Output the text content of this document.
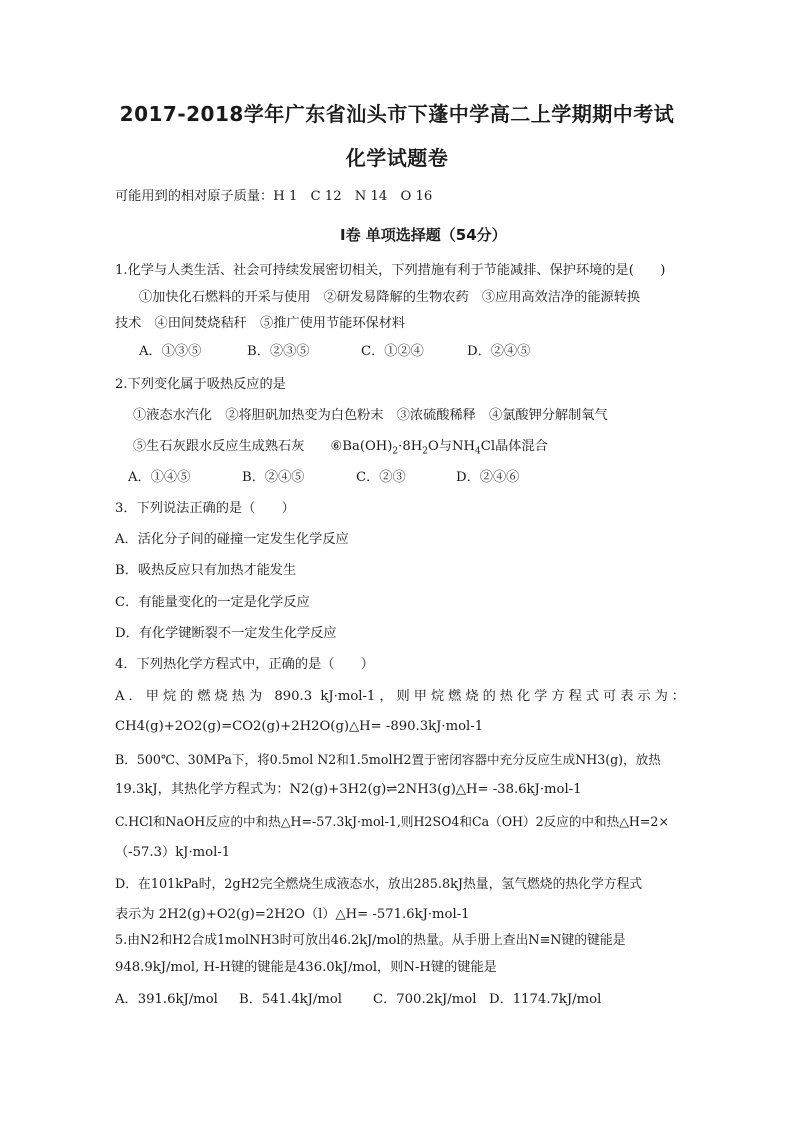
2017-2018学年广东省汕头市下蓬中学高二上学期期中考试
化学试题卷
可能用到的相对原子质量：H 1　C 12　N 14　O 16
Ⅰ卷 单项选择题（54分）
1.化学与人类生活、社会可持续发展密切相关，下列措施有利于节能减排、保护环境的是(　　)
①加快化石燃料的开采与使用　②研发易降解的生物农药　③应用高效洁净的能源转换
技术　④田间焚烧秸秆　⑤推广使用节能环保材料
A．①③⑤	B．②③⑤	C．①②④	D．②④⑤
2.下列变化属于吸热反应的是
①液态水汽化　②将胆矾加热变为白色粉末　③浓硫酸稀释　④氯酸钾分解制氧气
⑤生石灰跟水反应生成熟石灰 $⑥Ba(OH)_2\cdot 8H_2O$与$NH_4Cl$晶体混合
A．①④⑤	B．②④⑤	C．②③	D．②④⑥
3．下列说法正确的是（　　）
A．活化分子间的碰撞一定发生化学反应
B．吸热反应只有加热才能发生
C．有能量变化的一定是化学反应
D．有化学键断裂不一定发生化学反应
4．下列热化学方程式中，正确的是（　　）
A．甲烷的燃烧热为 890.3 kJ·mol-1，则甲烷燃烧的热化学方程式可表示为：
CH4(g)+2O2(g)=CO2(g)+2H2O(g)△H= -890.3kJ·mol-1
B．500℃、30MPa下，将0.5mol N2和1.5molH2置于密闭容器中充分反应生成NH3(g)，放热
19.3kJ，其热化学方程式为：N2(g)+3H2(g)⇌2NH3(g)△H= -38.6kJ·mol-1
C.HCl和NaOH反应的中和热△H=-57.3kJ·mol-1,则H2SO4和Ca（OH）2反应的中和热△H=2×
（-57.3）kJ·mol-1
D．在101kPa时，2gH2完全燃烧生成液态水，放出285.8kJ热量，氢气燃烧的热化学方程式
表示为 2H2(g)+O2(g)=2H2O（l）△H= -571.6kJ·mol-1
5.由N2和H2合成1molNH3时可放出46.2kJ/mol的热量。从手册上查出N≡N键的键能是
948.9kJ/mol, H-H键的键能是436.0kJ/mol，则N-H键的键能是
A．391.6kJ/mol B．541.4kJ/mol C．700.2kJ/mol D．1174.7kJ/mol
